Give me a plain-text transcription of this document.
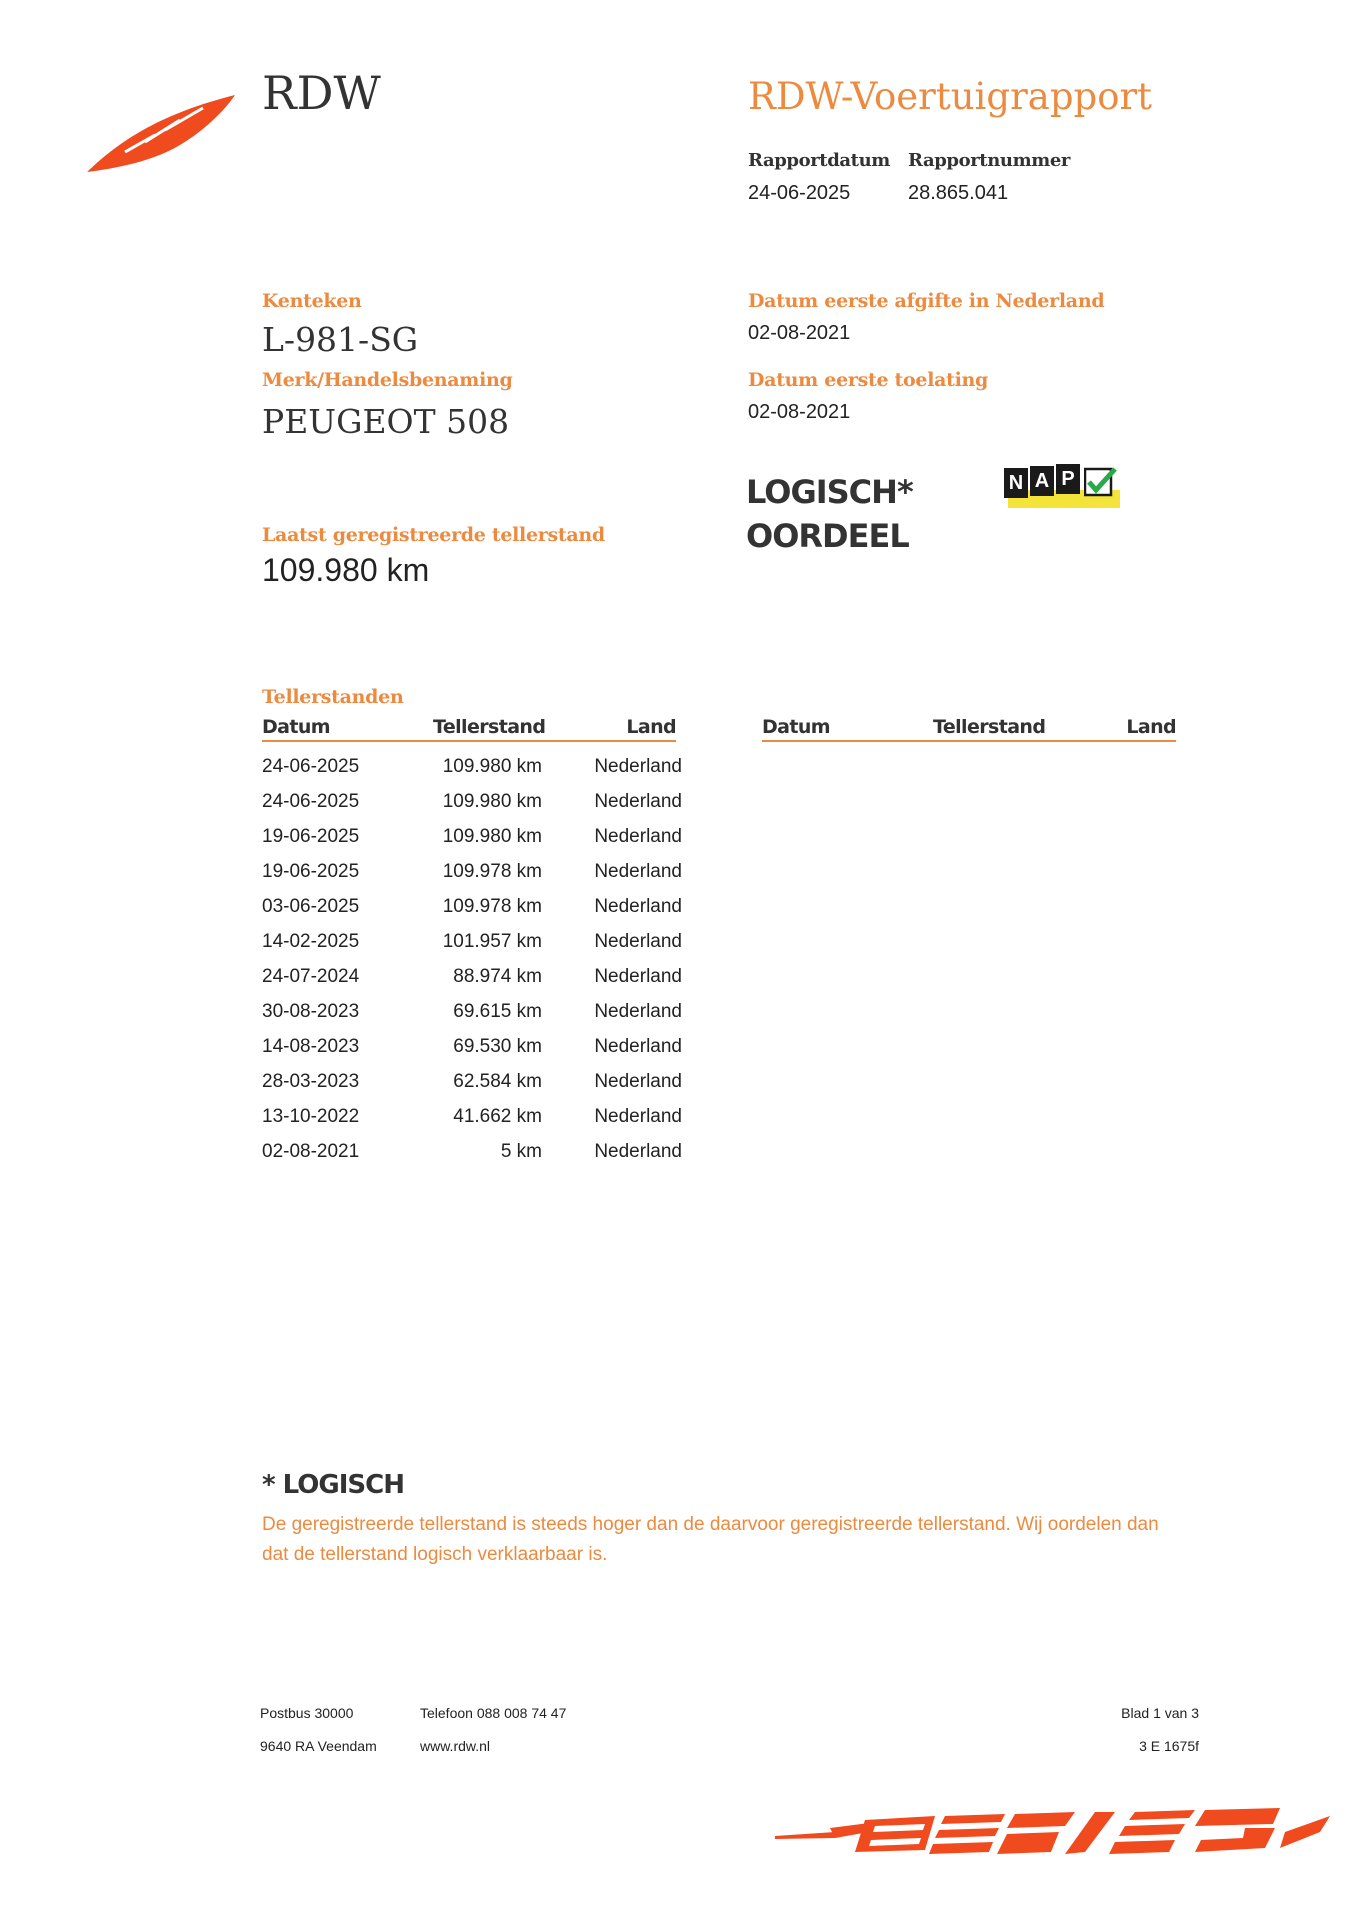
RDW	RDW-Voertuigrapport
Rapportdatum
24-06-2025
Rapportnummer
28.865.041
Kenteken
L-981-SG
Merk/Handelsbenaming
PEUGEOT 508
Datum eerste afgifte in Nederland
02-08-2021
Datum eerste toelating
02-08-2021
LOGISCH*
OORDEEL
N A P
Laatst geregistreerde tellerstand
109.980 km
Tellerstanden
Datum	Tellerstand	Land	Datum	Tellerstand	Land
24-06-2025	109.980 km	Nederland
24-06-2025	109.980 km	Nederland
19-06-2025	109.980 km	Nederland
19-06-2025	109.978 km	Nederland
03-06-2025	109.978 km	Nederland
14-02-2025	101.957 km	Nederland
24-07-2024	88.974 km	Nederland
30-08-2023	69.615 km	Nederland
14-08-2023	69.530 km	Nederland
28-03-2023	62.584 km	Nederland
13-10-2022	41.662 km	Nederland
02-08-2021	5 km	Nederland
* LOGISCH
De geregistreerde tellerstand is steeds hoger dan de daarvoor geregistreerde tellerstand. Wij oordelen dan
dat de tellerstand logisch verklaarbaar is.
Postbus 30000
9640 RA Veendam
Telefoon 088 008 74 47
www.rdw.nl
Blad 1 van 3
3 E 1675f
